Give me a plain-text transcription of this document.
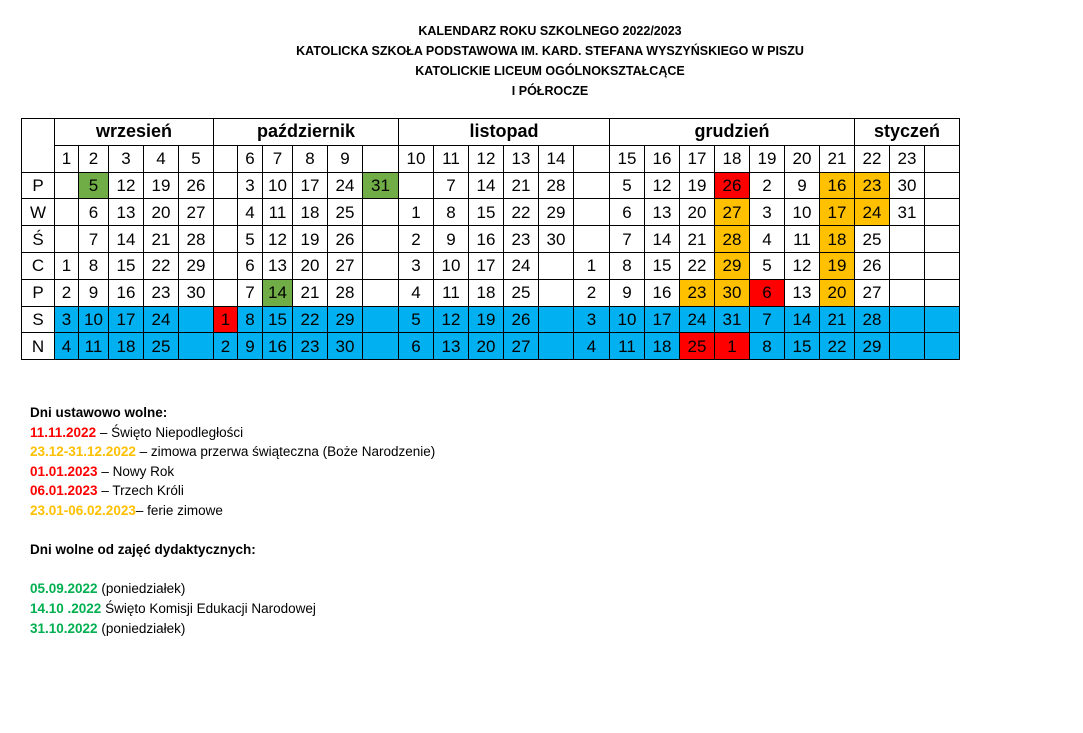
KALENDARZ ROKU SZKOLNEGO 2022/2023
KATOLICKA SZKOŁA PODSTAWOWA IM. KARD. STEFANA WYSZYŃSKIEGO W PISZU
KATOLICKIE LICEUM OGÓLNOKSZTAŁCĄCE
I PÓŁROCZE
	wrzesień					październik						listopad						grudzień							styczeń		
	1	2	3	4	5		6	7	8	9		10	11	12	13	14		15	16	17	18	19	20	21	22	23	
P		5	12	19	26		3	10	17	24	31		7	14	21	28		5	12	19	26	2	9	16	23	30	
W		6	13	20	27		4	11	18	25		1	8	15	22	29		6	13	20	27	3	10	17	24	31	
Ś		7	14	21	28		5	12	19	26		2	9	16	23	30		7	14	21	28	4	11	18	25		
C	1	8	15	22	29		6	13	20	27		3	10	17	24		1	8	15	22	29	5	12	19	26		
P	2	9	16	23	30		7	14	21	28		4	11	18	25		2	9	16	23	30	6	13	20	27		
S	3	10	17	24		1	8	15	22	29		5	12	19	26		3	10	17	24	31	7	14	21	28		
N	4	11	18	25		2	9	16	23	30		6	13	20	27		4	11	18	25	1	8	15	22	29		
Dni ustawowo wolne:
11.11.2022 – Święto Niepodległości
23.12-31.12.2022 – zimowa przerwa świąteczna (Boże Narodzenie)
01.01.2023 – Nowy Rok
06.01.2023 – Trzech Króli
23.01-06.02.2023– ferie zimowe
Dni wolne od zajęć dydaktycznych:
05.09.2022 (poniedziałek)
14.10 .2022 Święto Komisji Edukacji Narodowej
31.10.2022 (poniedziałek)
